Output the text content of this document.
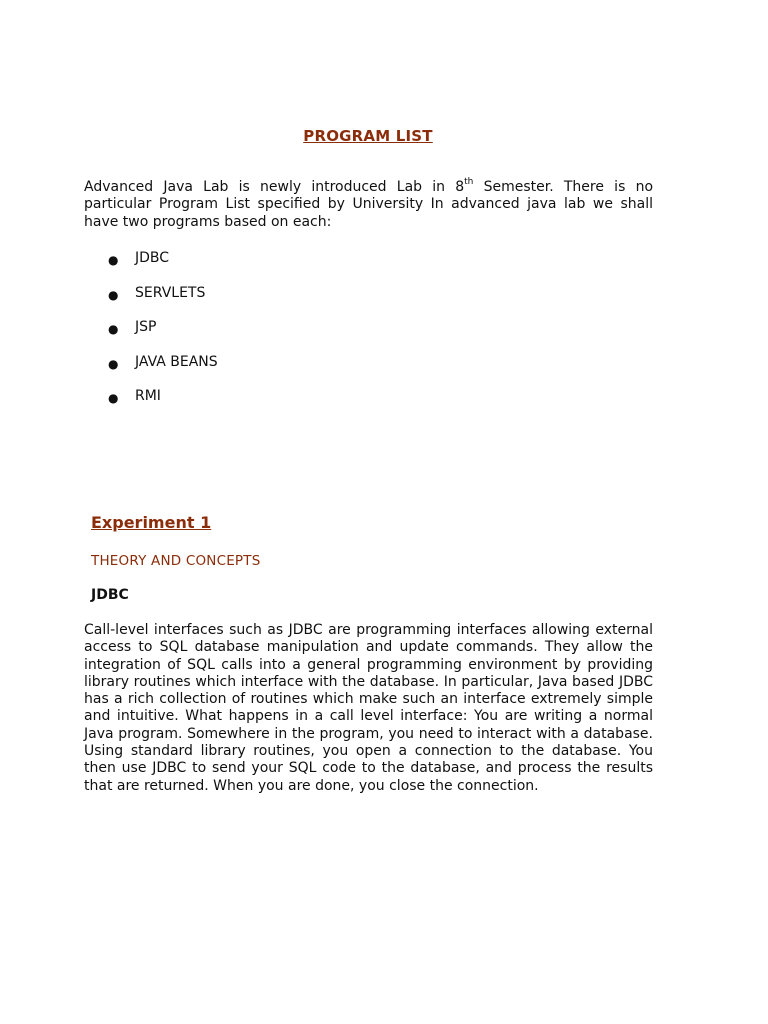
PROGRAM LIST
Advanced Java Lab is newly introduced Lab in 8th Semester. There is no particular Program List specified by University In advanced java lab we shall have two programs based on each:
● JDBC
● SERVLETS
● JSP
● JAVA BEANS
● RMI
Experiment 1
THEORY AND CONCEPTS
JDBC
Call-level interfaces such as JDBC are programming interfaces allowing external access to SQL database manipulation and update commands. They allow the integration of SQL calls into a general programming environment by providing library routines which interface with the database. In particular, Java based JDBC has a rich collection of routines which make such an interface extremely simple and intuitive. What happens in a call level interface: You are writing a normal Java program. Somewhere in the program, you need to interact with a database. Using standard library routines, you open a connection to the database. You then use JDBC to send your SQL code to the database, and process the results that are returned. When you are done, you close the connection.
